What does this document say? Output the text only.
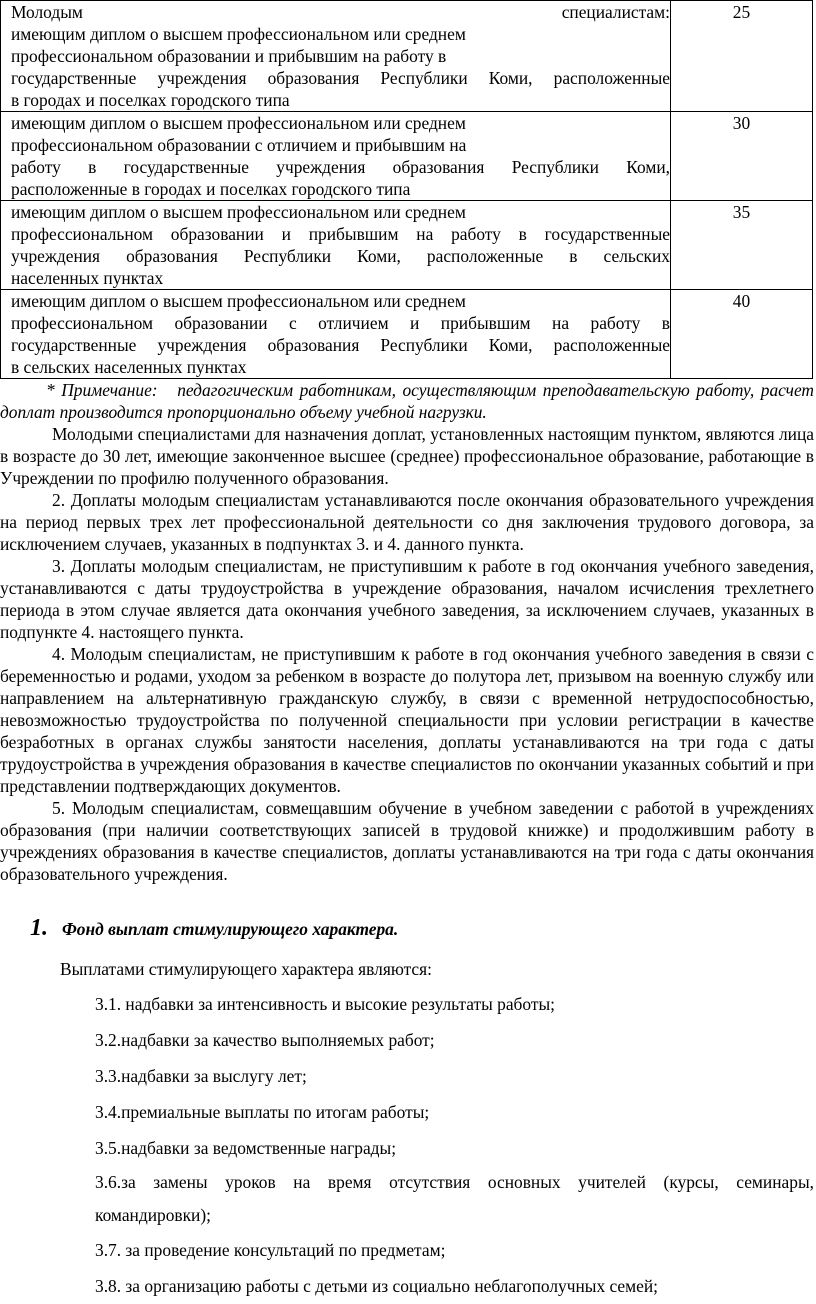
Молодым специалистам:
имеющим диплом о высшем профессиональном или среднем
профессиональном образовании и прибывшим на работу в
государственные учреждения образования Республики Коми, расположенные
в городах и поселках городского типа	25

имеющим диплом о высшем профессиональном или среднем
профессиональном образовании с отличием и прибывшим на
работу в государственные учреждения образования Республики Коми,
расположенные в городах и поселках городского типа	30

имеющим диплом о высшем профессиональном или среднем
профессиональном образовании и прибывшим на работу в государственные
учреждения образования Республики Коми, расположенные в сельских
населенных пунктах	35

имеющим диплом о высшем профессиональном или среднем
профессиональном образовании с отличием и прибывшим на работу в
государственные учреждения образования Республики Коми, расположенные
в сельских населенных пунктах	40

* Примечание: педагогическим работникам, осуществляющим преподавательскую работу, расчет доплат производится пропорционально объему учебной нагрузки.

Молодыми специалистами для назначения доплат, установленных настоящим пунктом, являются лица в возрасте до 30 лет, имеющие законченное высшее (среднее) профессиональное образование, работающие в Учреждении по профилю полученного образования.

2. Доплаты молодым специалистам устанавливаются после окончания образовательного учреждения на период первых трех лет профессиональной деятельности со дня заключения трудового договора, за исключением случаев, указанных в подпунктах 3. и 4. данного пункта.

3. Доплаты молодым специалистам, не приступившим к работе в год окончания учебного заведения, устанавливаются с даты трудоустройства в учреждение образования, началом исчисления трехлетнего периода в этом случае является дата окончания учебного заведения, за исключением случаев, указанных в подпункте 4. настоящего пункта.

4. Молодым специалистам, не приступившим к работе в год окончания учебного заведения в связи с беременностью и родами, уходом за ребенком в возрасте до полутора лет, призывом на военную службу или направлением на альтернативную гражданскую службу, в связи с временной нетрудоспособностью, невозможностью трудоустройства по полученной специальности при условии регистрации в качестве безработных в органах службы занятости населения, доплаты устанавливаются на три года с даты трудоустройства в учреждения образования в качестве специалистов по окончании указанных событий и при представлении подтверждающих документов.

5. Молодым специалистам, совмещавшим обучение в учебном заведении с работой в учреждениях образования (при наличии соответствующих записей в трудовой книжке) и продолжившим работу в учреждениях образования в качестве специалистов, доплаты устанавливаются на три года с даты окончания образовательного учреждения.

1. Фонд выплат стимулирующего характера.

Выплатами стимулирующего характера являются:

3.1. надбавки за интенсивность и высокие результаты работы;
3.2.надбавки за качество выполняемых работ;
3.3.надбавки за выслугу лет;
3.4.премиальные выплаты по итогам работы;
3.5.надбавки за ведомственные награды;
3.6.за замены уроков на время отсутствия основных учителей (курсы, семинары, командировки);
3.7. за проведение консультаций по предметам;
3.8. за организацию работы с детьми из социально неблагополучных семей;
